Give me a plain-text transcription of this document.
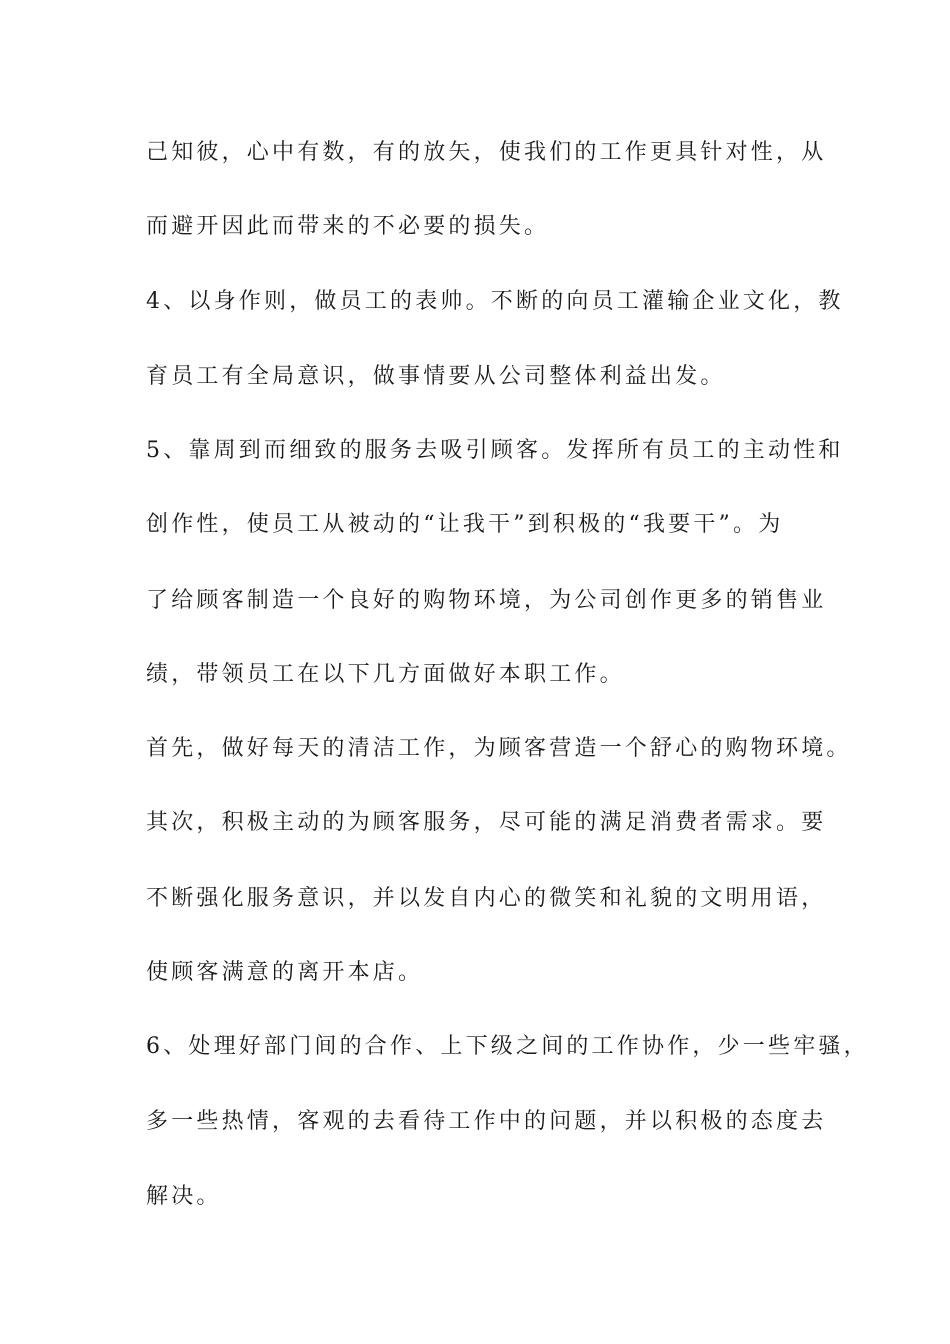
己知彼，心中有数，有的放矢，使我们的工作更具针对性，从

而避开因此而带来的不必要的损失。

4、以身作则，做员工的表帅。不断的向员工灌输企业文化，教

育员工有全局意识，做事情要从公司整体利益出发。

5、靠周到而细致的服务去吸引顾客。发挥所有员工的主动性和

创作性，使员工从被动的“让我干”到积极的“我要干”。为

了给顾客制造一个良好的购物环境，为公司创作更多的销售业

绩，带领员工在以下几方面做好本职工作。

首先，做好每天的清洁工作，为顾客营造一个舒心的购物环境。

其次，积极主动的为顾客服务，尽可能的满足消费者需求。要

不断强化服务意识，并以发自内心的微笑和礼貌的文明用语，

使顾客满意的离开本店。

6、处理好部门间的合作、上下级之间的工作协作，少一些牢骚，

多一些热情，客观的去看待工作中的问题，并以积极的态度去

解决。
